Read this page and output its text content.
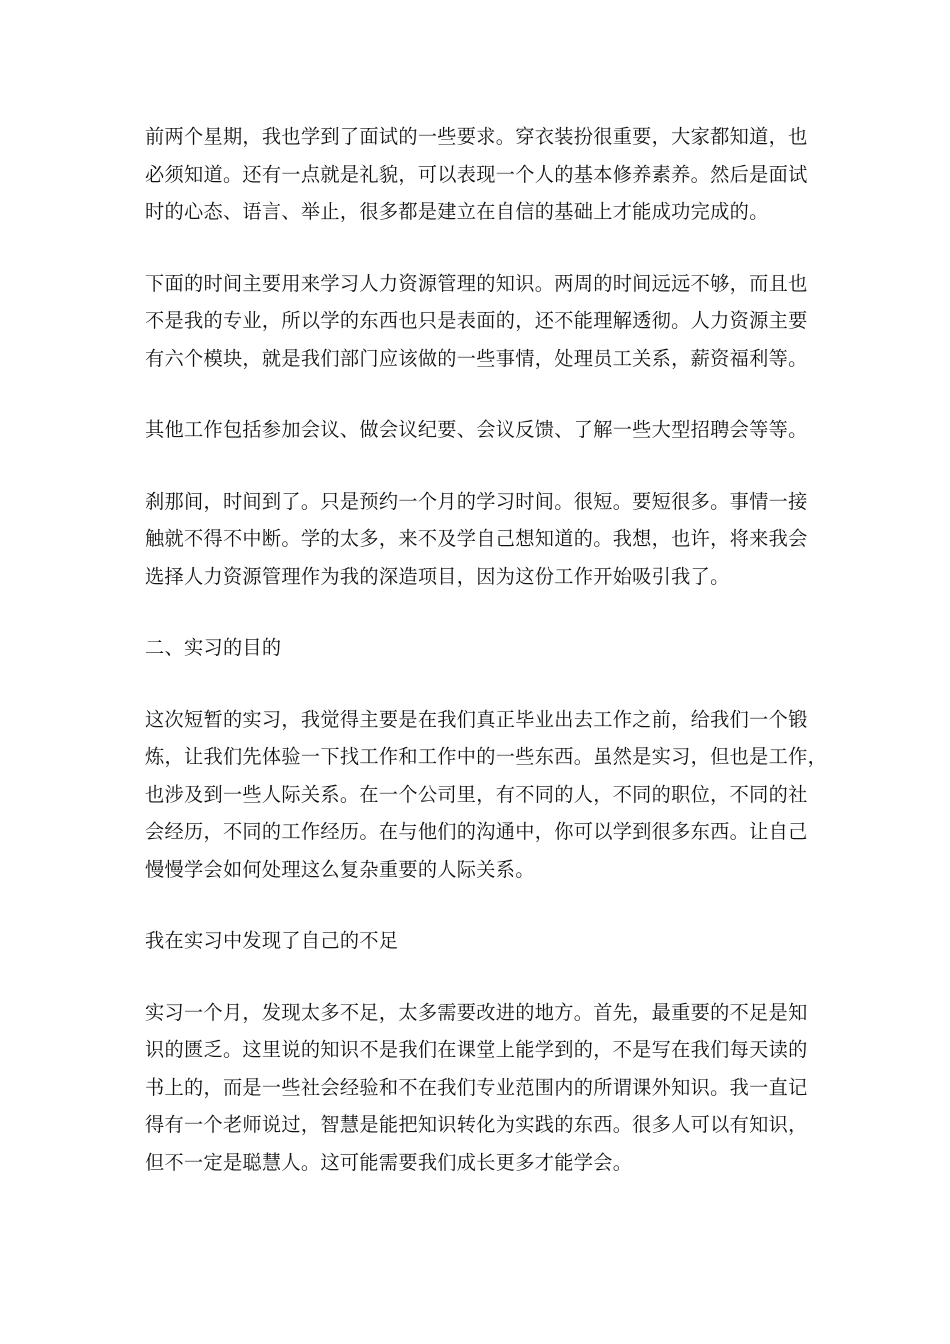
前两个星期，我也学到了面试的一些要求。穿衣装扮很重要，大家都知道，也
必须知道。还有一点就是礼貌，可以表现一个人的基本修养素养。然后是面试
时的心态、语言、举止，很多都是建立在自信的基础上才能成功完成的。

下面的时间主要用来学习人力资源管理的知识。两周的时间远远不够，而且也
不是我的专业，所以学的东西也只是表面的，还不能理解透彻。人力资源主要
有六个模块，就是我们部门应该做的一些事情，处理员工关系，薪资福利等。

其他工作包括参加会议、做会议纪要、会议反馈、了解一些大型招聘会等等。

刹那间，时间到了。只是预约一个月的学习时间。很短。要短很多。事情一接
触就不得不中断。学的太多，来不及学自己想知道的。我想，也许，将来我会
选择人力资源管理作为我的深造项目，因为这份工作开始吸引我了。

二、实习的目的

这次短暂的实习，我觉得主要是在我们真正毕业出去工作之前，给我们一个锻
炼，让我们先体验一下找工作和工作中的一些东西。虽然是实习，但也是工作，
也涉及到一些人际关系。在一个公司里，有不同的人，不同的职位，不同的社
会经历，不同的工作经历。在与他们的沟通中，你可以学到很多东西。让自己
慢慢学会如何处理这么复杂重要的人际关系。

我在实习中发现了自己的不足

实习一个月，发现太多不足，太多需要改进的地方。首先，最重要的不足是知
识的匮乏。这里说的知识不是我们在课堂上能学到的，不是写在我们每天读的
书上的，而是一些社会经验和不在我们专业范围内的所谓课外知识。我一直记
得有一个老师说过，智慧是能把知识转化为实践的东西。很多人可以有知识，
但不一定是聪慧人。这可能需要我们成长更多才能学会。
